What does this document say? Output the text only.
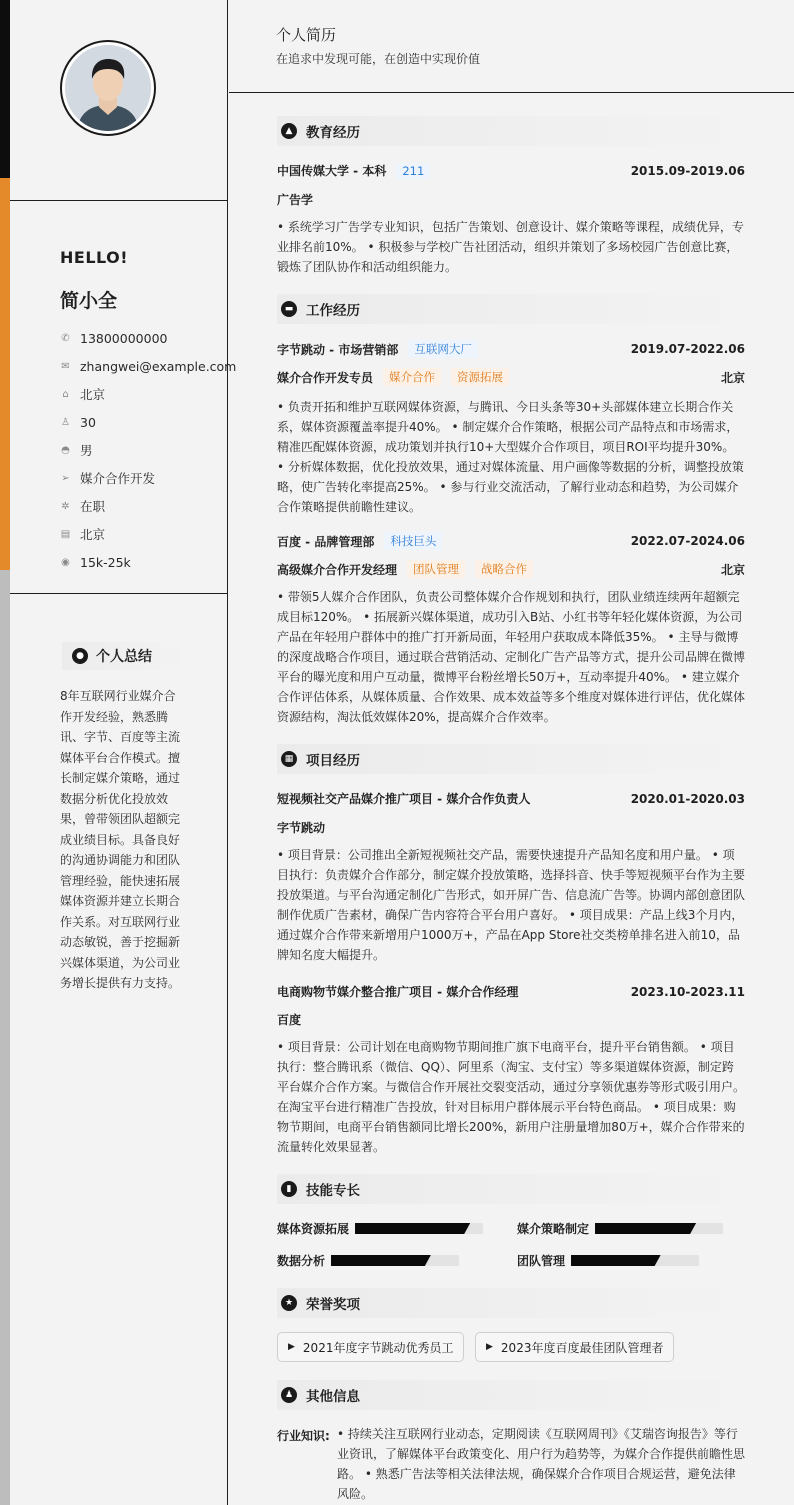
HELLO!
简小全
✆ 13800000000
✉ zhangwei@example.com
⌂ 北京
♙ 30
◓ 男
➢ 媒介合作开发
✲ 在职
▤ 北京
◉ 15k-25k
● 个人总结
8年互联网行业媒介合作开发经验，熟悉腾讯、字节、百度等主流媒体平台合作模式。擅长制定媒介策略，通过数据分析优化投放效果，曾带领团队超额完成业绩目标。具备良好的沟通协调能力和团队管理经验，能快速拓展媒体资源并建立长期合作关系。对互联网行业动态敏锐，善于挖掘新兴媒体渠道，为公司业务增长提供有力支持。
个人简历
在追求中发现可能，在创造中实现价值
▲	教育经历
中国传媒大学 - 本科	211	2015.09-2019.06
广告学
• 系统学习广告学专业知识，包括广告策划、创意设计、媒介策略等课程，成绩优异，专业排名前10%。 • 积极参与学校广告社团活动，组织并策划了多场校园广告创意比赛，锻炼了团队协作和活动组织能力。
▬ 工作经历
字节跳动 - 市场营销部	互联网大厂	2019.07-2022.06
媒介合作开发专员	媒介合作	资源拓展	北京
• 负责开拓和维护互联网媒体资源，与腾讯、今日头条等30+头部媒体建立长期合作关系，媒体资源覆盖率提升40%。 • 制定媒介合作策略，根据公司产品特点和市场需求，精准匹配媒体资源，成功策划并执行10+大型媒介合作项目，项目ROI平均提升30%。 • 分析媒体数据，优化投放效果，通过对媒体流量、用户画像等数据的分析，调整投放策略，使广告转化率提高25%。 • 参与行业交流活动，了解行业动态和趋势，为公司媒介合作策略提供前瞻性建议。
百度 - 品牌管理部	科技巨头	2022.07-2024.06
高级媒介合作开发经理	团队管理	战略合作	北京
• 带领5人媒介合作团队，负责公司整体媒介合作规划和执行，团队业绩连续两年超额完成目标120%。 • 拓展新兴媒体渠道，成功引入B站、小红书等年轻化媒体资源，为公司产品在年轻用户群体中的推广打开新局面，年轻用户获取成本降低35%。 • 主导与微博的深度战略合作项目，通过联合营销活动、定制化广告产品等方式，提升公司品牌在微博平台的曝光度和用户互动量，微博平台粉丝增长50万+，互动率提升40%。 • 建立媒介合作评估体系，从媒体质量、合作效果、成本效益等多个维度对媒体进行评估，优化媒体资源结构，淘汰低效媒体20%，提高媒介合作效率。
▦ 项目经历
短视频社交产品媒介推广项目 - 媒介合作负责人	2020.01-2020.03
字节跳动
• 项目背景：公司推出全新短视频社交产品，需要快速提升产品知名度和用户量。 • 项目执行：负责媒介合作部分，制定媒介投放策略，选择抖音、快手等短视频平台作为主要投放渠道。与平台沟通定制化广告形式，如开屏广告、信息流广告等。协调内部创意团队制作优质广告素材，确保广告内容符合平台用户喜好。 • 项目成果：产品上线3个月内，通过媒介合作带来新增用户1000万+，产品在App Store社交类榜单排名进入前10，品牌知名度大幅提升。
电商购物节媒介整合推广项目 - 媒介合作经理	2023.10-2023.11
百度
• 项目背景：公司计划在电商购物节期间推广旗下电商平台，提升平台销售额。 • 项目执行：整合腾讯系（微信、QQ）、阿里系（淘宝、支付宝）等多渠道媒体资源，制定跨平台媒介合作方案。与微信合作开展社交裂变活动，通过分享领优惠券等形式吸引用户。在淘宝平台进行精准广告投放，针对目标用户群体展示平台特色商品。 • 项目成果：购物节期间，电商平台销售额同比增长200%，新用户注册量增加80万+，媒介合作带来的流量转化效果显著。
▮	技能专长
媒体资源拓展	媒介策略制定
数据分析	团队管理
★ 荣誉奖项
▶ 2021年度字节跳动优秀员工	▶ 2023年度百度最佳团队管理者
♟ 其他信息
行业知识: • 持续关注互联网行业动态，定期阅读《互联网周刊》《艾瑞咨询报告》等行业资讯，了解媒体平台政策变化、用户行为趋势等，为媒介合作提供前瞻性思路。 • 熟悉广告法等相关法律法规，确保媒介合作项目合规运营，避免法律风险。
